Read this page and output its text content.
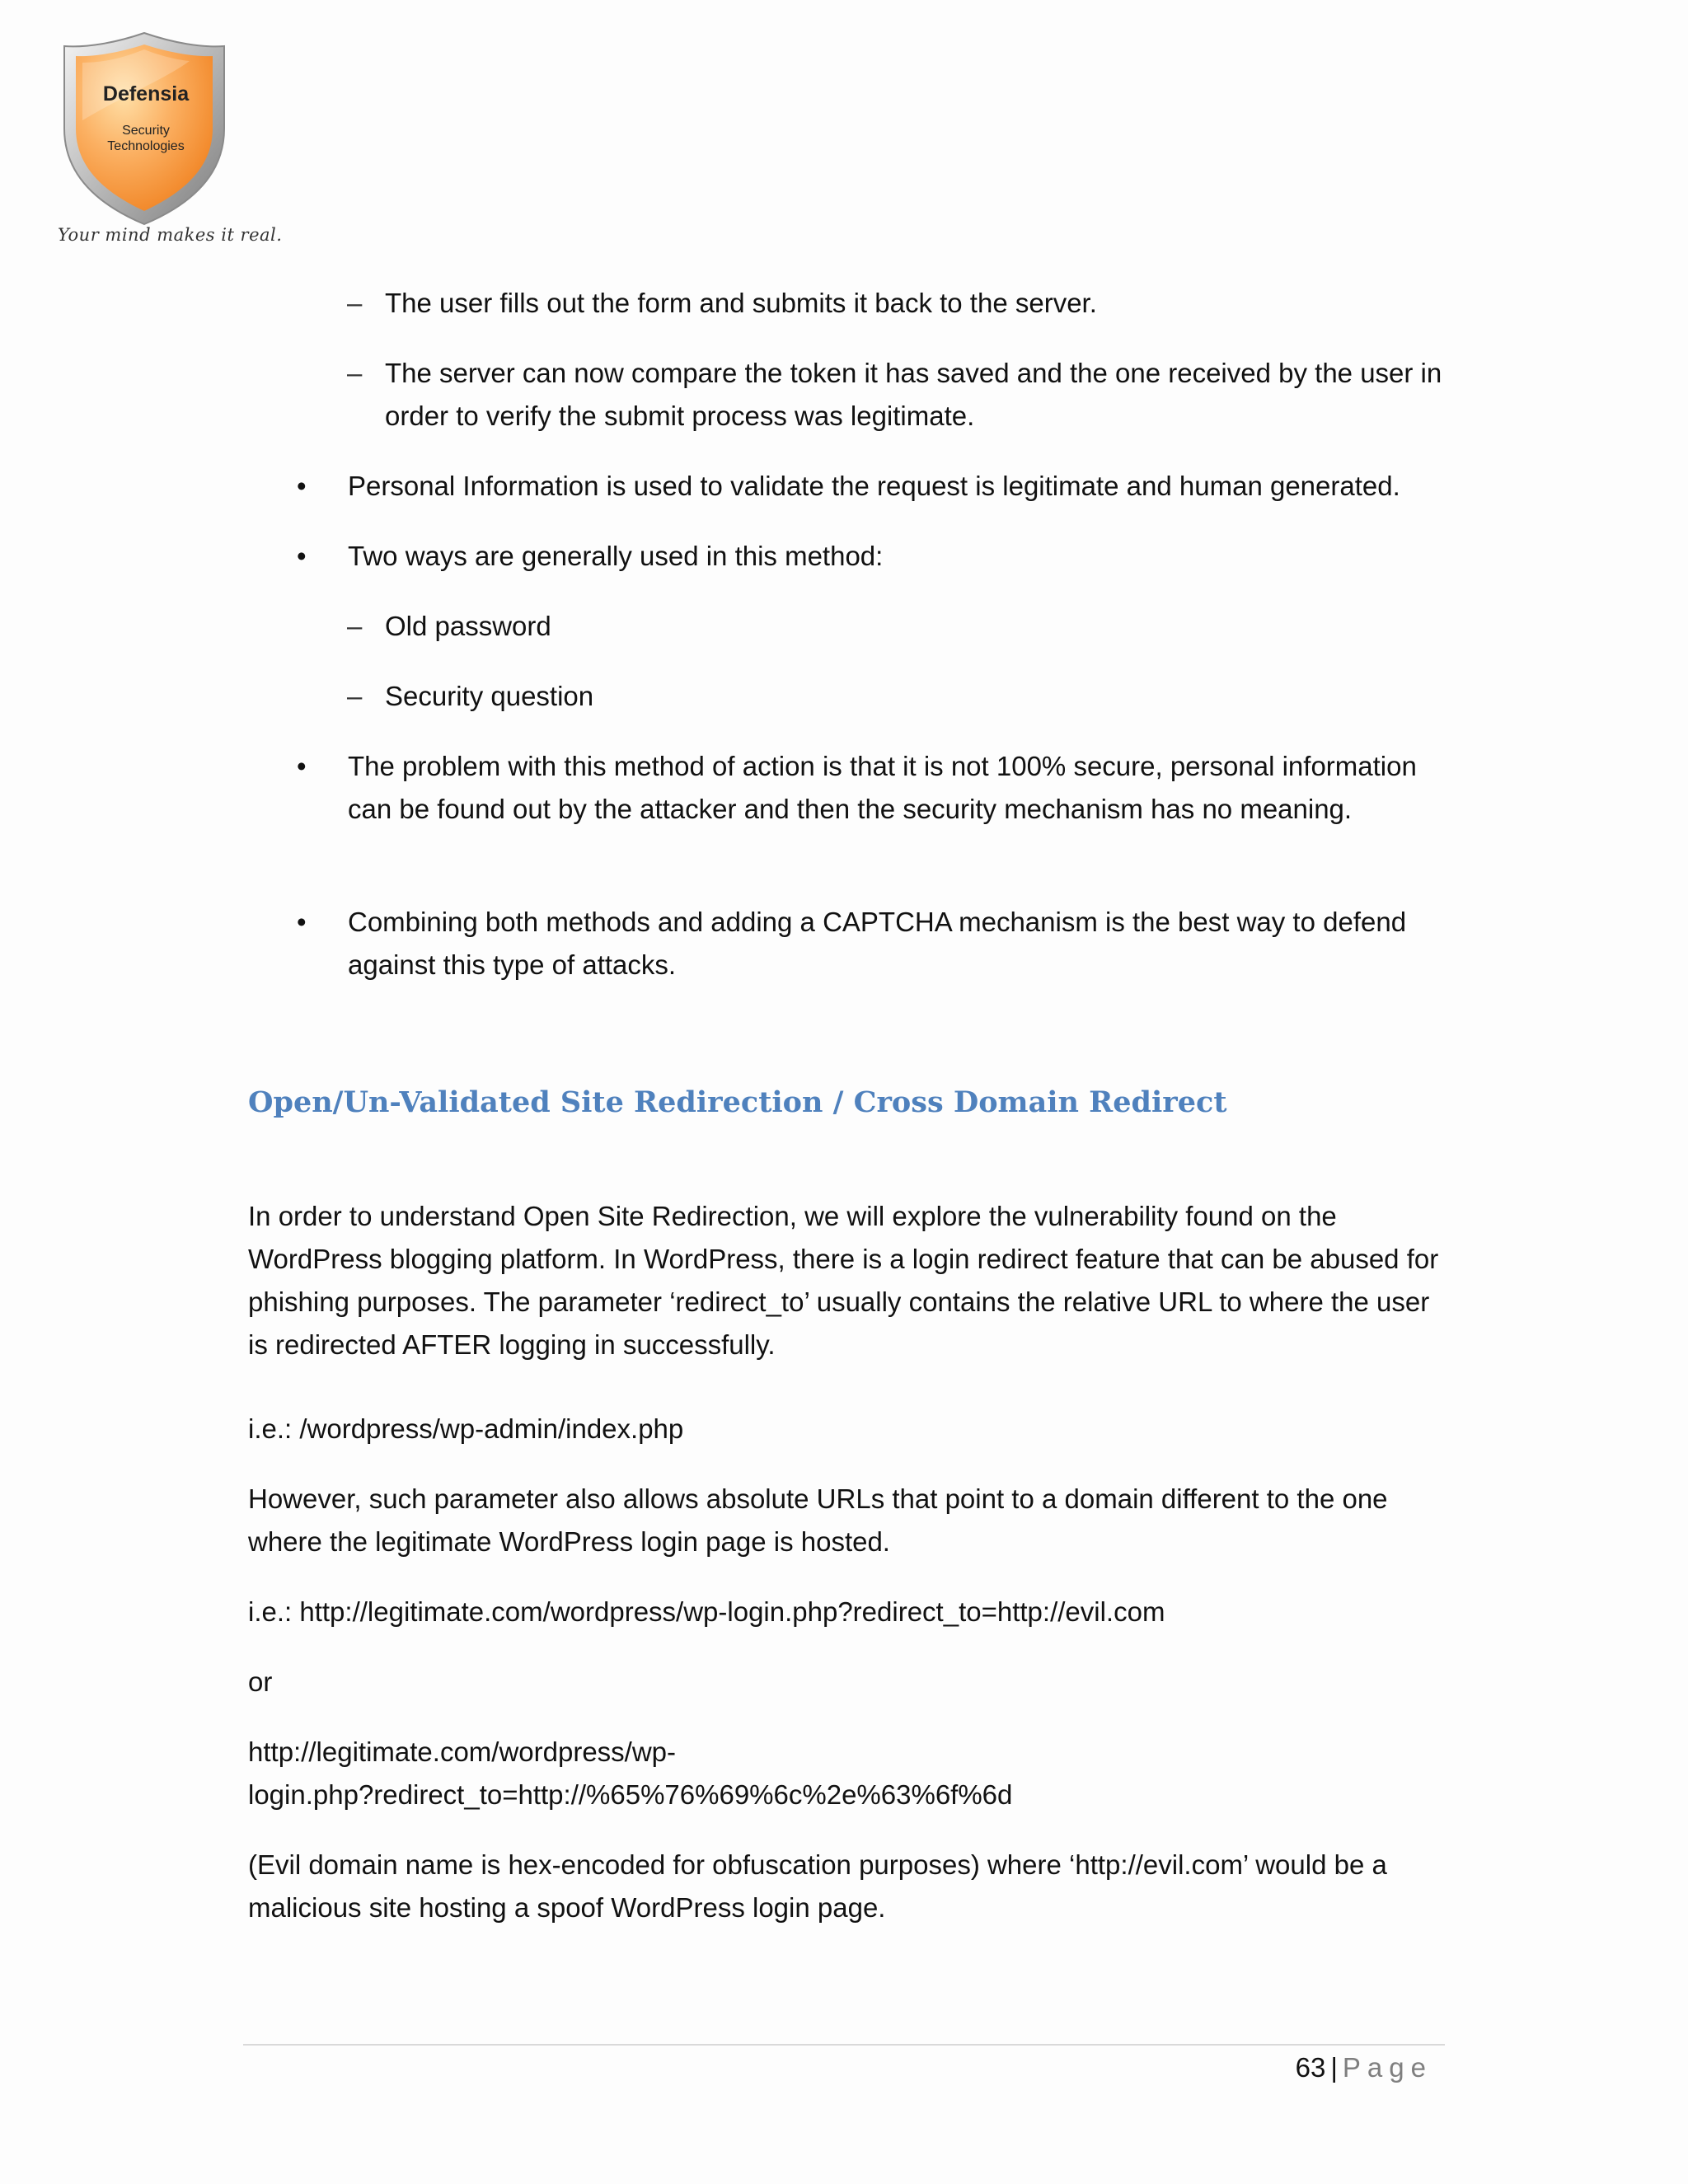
Defensia
Security
Technologies
Your mind makes it real.
– The user fills out the form and submits it back to the server.
– The server can now compare the token it has saved and the one received by the user in order to verify the submit process was legitimate.
•	Personal Information is used to validate the request is legitimate and human generated.
•	Two ways are generally used in this method:
– Old password
– Security question
•	The problem with this method of action is that it is not 100% secure, personal information can be found out by the attacker and then the security mechanism has no meaning.
•	Combining both methods and adding a CAPTCHA mechanism is the best way to defend against this type of attacks.
Open/Un-Validated Site Redirection / Cross Domain Redirect
In order to understand Open Site Redirection, we will explore the vulnerability found on the WordPress blogging platform. In WordPress, there is a login redirect feature that can be abused for phishing purposes. The parameter ‘redirect_to’ usually contains the relative URL to where the user is redirected AFTER logging in successfully.
i.e.: /wordpress/wp-admin/index.php
However, such parameter also allows absolute URLs that point to a domain different to the one where the legitimate WordPress login page is hosted.
i.e.: http://legitimate.com/wordpress/wp-login.php?redirect_to=http://evil.com
or
http://legitimate.com/wordpress/wp-
login.php?redirect_to=http://%65%76%69%6c%2e%63%6f%6d
(Evil domain name is hex-encoded for obfuscation purposes) where ‘http://evil.com’ would be a malicious site hosting a spoof WordPress login page.
63 | Page
